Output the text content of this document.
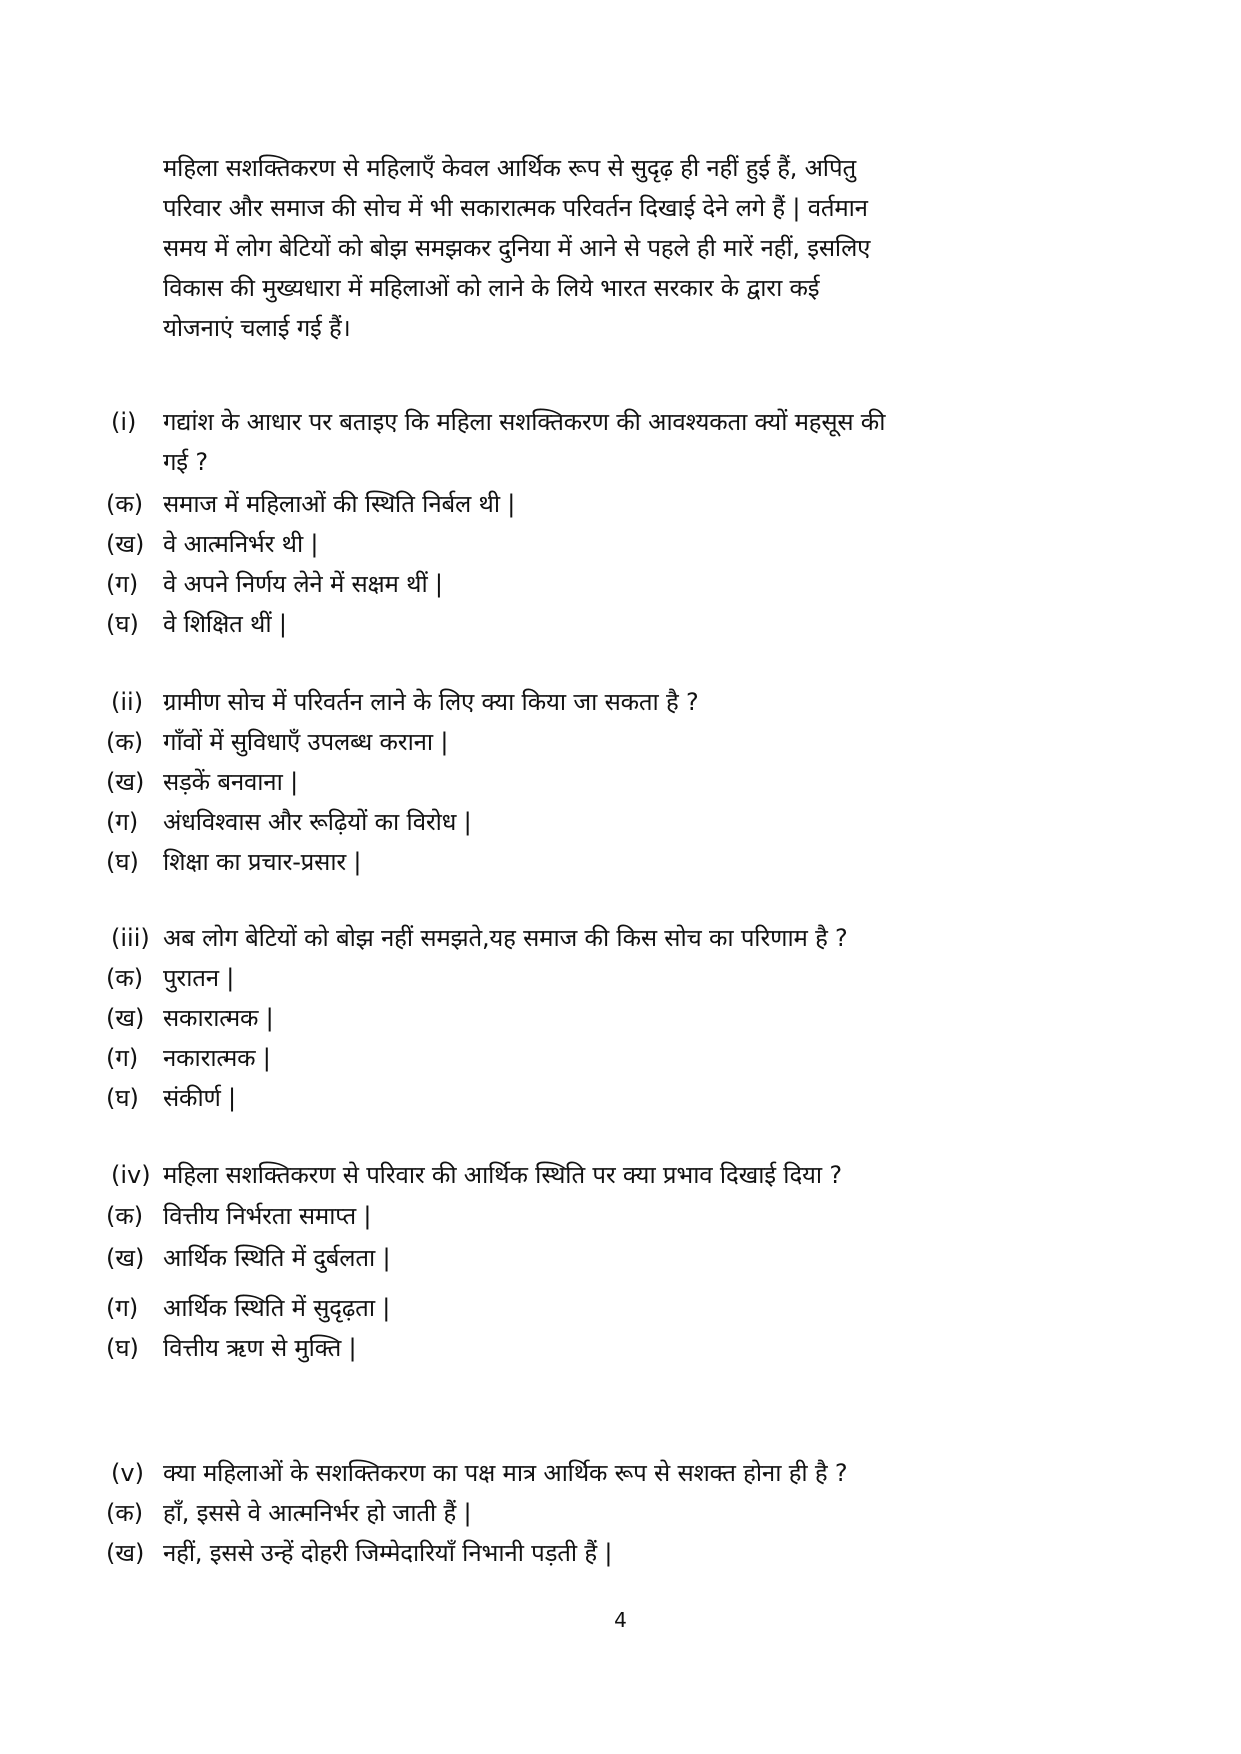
महिला सशक्तिकरण से महिलाएँ केवल आर्थिक रूप से सुदृढ़ ही नहीं हुई हैं, अपितु
परिवार और समाज की सोच में भी सकारात्मक परिवर्तन दिखाई देने लगे हैं | वर्तमान
समय में लोग बेटियों को बोझ समझकर दुनिया में आने से पहले ही मारें नहीं, इसलिए
विकास की मुख्यधारा में महिलाओं को लाने के लिये भारत सरकार के द्वारा कई
योजनाएं चलाई गई हैं।
(i)	गद्यांश के आधार पर बताइए कि महिला सशक्तिकरण की आवश्यकता क्यों महसूस की
गई ?
(क) समाज में महिलाओं की स्थिति निर्बल थी |
(ख) वे आत्मनिर्भर थी |
(ग)	वे अपने निर्णय लेने में सक्षम थीं |
(घ)	वे शिक्षित थीं |
(ii) ग्रामीण सोच में परिवर्तन लाने के लिए क्या किया जा सकता है ?
(क) गाँवों में सुविधाएँ उपलब्ध कराना |
(ख) सड़कें बनवाना |
(ग)	अंधविश्वास और रूढ़ियों का विरोध |
(घ)	शिक्षा का प्रचार-प्रसार |
(iii) अब लोग बेटियों को बोझ नहीं समझते,यह समाज की किस सोच का परिणाम है ?
(क) पुरातन |
(ख) सकारात्मक |
(ग)	नकारात्मक |
(घ)	संकीर्ण |
(iv) महिला सशक्तिकरण से परिवार की आर्थिक स्थिति पर क्या प्रभाव दिखाई दिया ?
(क) वित्तीय निर्भरता समाप्त |
(ख) आर्थिक स्थिति में दुर्बलता |
(ग)	आर्थिक स्थिति में सुदृढ़ता |
(घ)	वित्तीय ऋण से मुक्ति |
(v) क्या महिलाओं के सशक्तिकरण का पक्ष मात्र आर्थिक रूप से सशक्त होना ही है ?
(क) हाँ, इससे वे आत्मनिर्भर हो जाती हैं |
(ख) नहीं, इससे उन्हें दोहरी जिम्मेदारियाँ निभानी पड़ती हैं |
4
